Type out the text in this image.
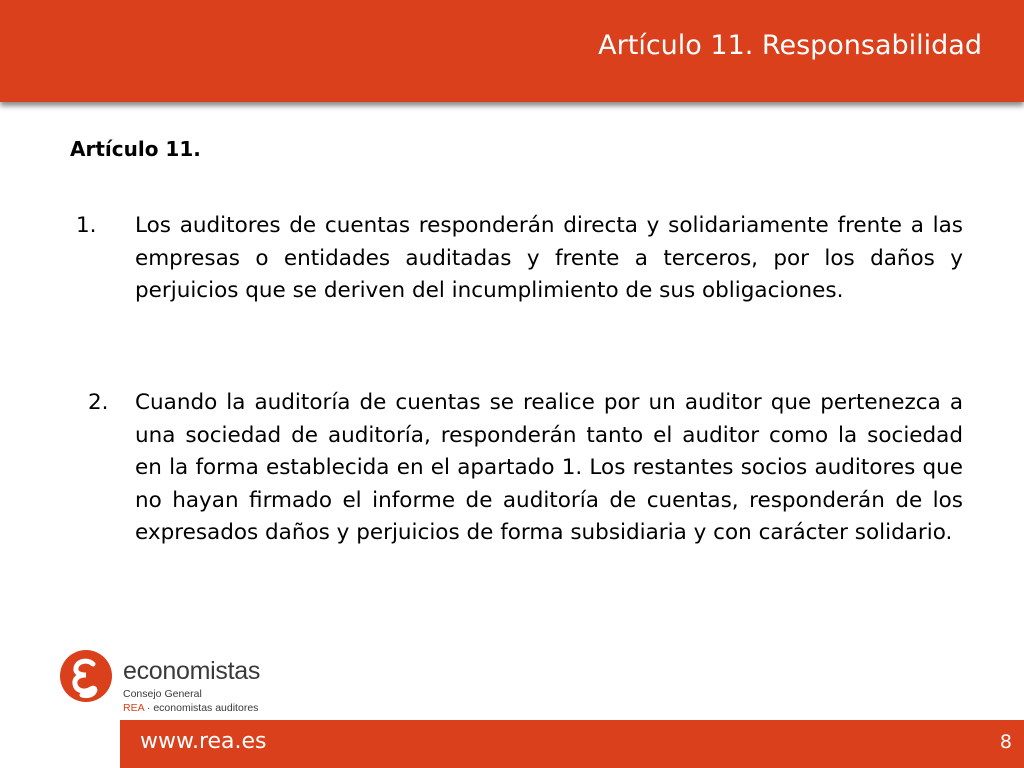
Artículo 11. Responsabilidad
Artículo 11.
1. Los auditores de cuentas responderán directa y solidariamente frente a las empresas o entidades auditadas y frente a terceros, por los daños y perjuicios que se deriven del incumplimiento de sus obligaciones.
2. Cuando la auditoría de cuentas se realice por un auditor que pertenezca a una sociedad de auditoría, responderán tanto el auditor como la sociedad en la forma establecida en el apartado 1. Los restantes socios auditores que no hayan firmado el informe de auditoría de cuentas, responderán de los expresados daños y perjuicios de forma subsidiaria y con carácter solidario.
economistas
Consejo General
REA · economistas auditores
www.rea.es	8
